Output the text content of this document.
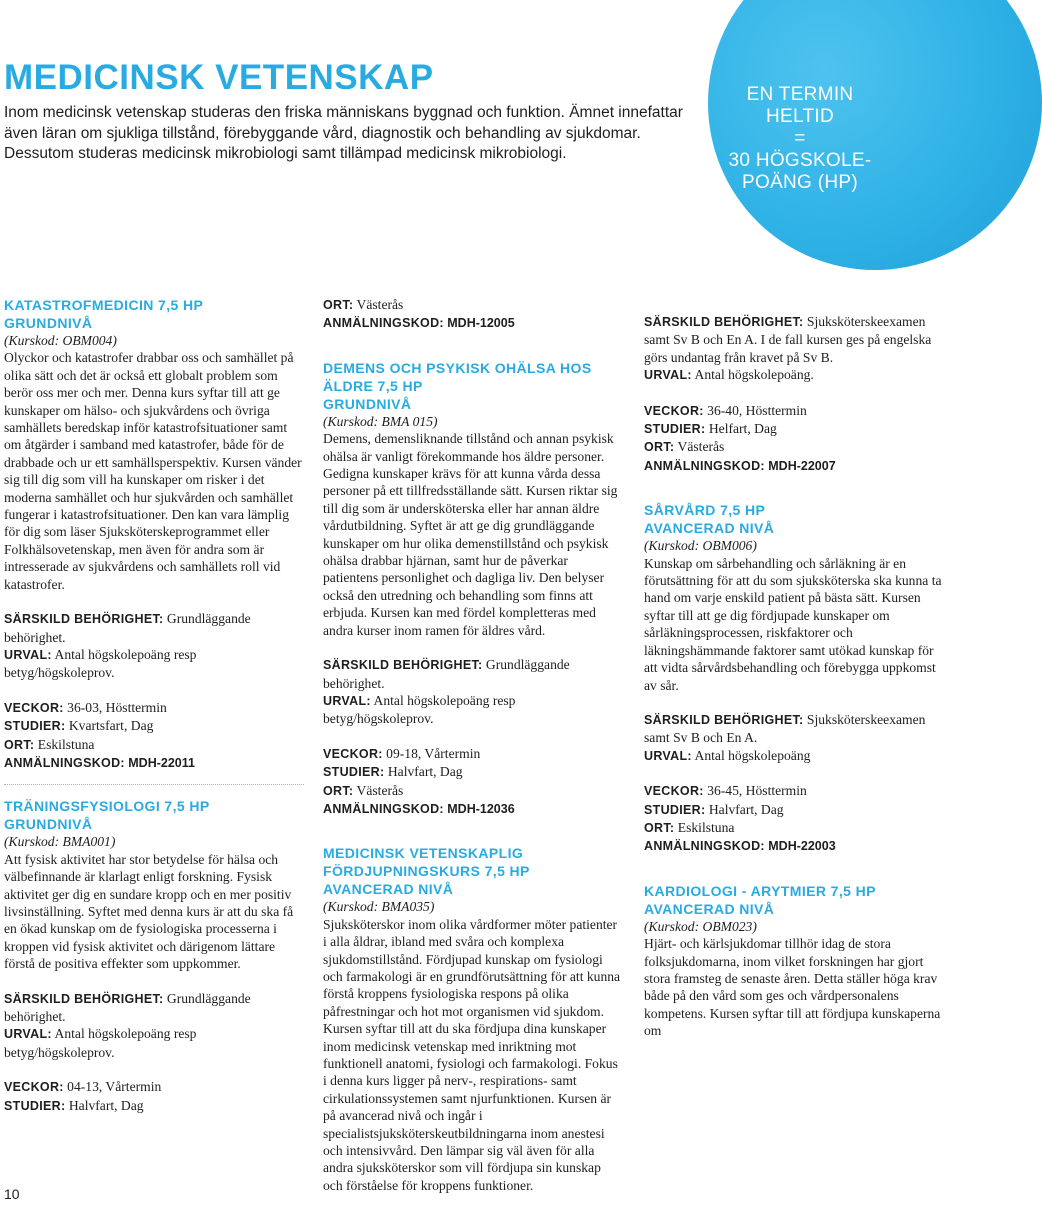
MEDICINSK VETENSKAP

Inom medicinsk vetenskap studeras den friska människans byggnad och funktion. Ämnet innefattar även läran om sjukliga tillstånd, förebyggande vård, diagnostik och behandling av sjukdomar. Dessutom studeras medicinsk mikrobiologi samt tillämpad medicinsk mikrobiologi.

EN TERMIN
HELTID
=
30 HÖGSKOLE-
POÄNG (HP)
KATASTROFMEDICIN 7,5 HP
GRUNDNIVÅ
(Kurskod: OBM004)

Olyckor och katastrofer drabbar oss och samhället på olika sätt och det är också ett globalt problem som berör oss mer och mer. Denna kurs syftar till att ge kunskaper om hälso- och sjukvårdens och övriga samhällets beredskap inför katastrofsituationer samt om åtgärder i samband med katastrofer, både för de drabbade och ur ett samhällsperspektiv. Kursen vänder sig till dig som vill ha kunskaper om risker i det moderna samhället och hur sjukvården och samhället fungerar i katastrofsituationer. Den kan vara lämplig för dig som läser Sjuksköterskeprogrammet eller Folkhälsovetenskap, men även för andra som är intresserade av sjukvårdens och samhällets roll vid katastrofer.

SÄRSKILD BEHÖRIGHET: Grundläggande behörighet.
URVAL: Antal högskolepoäng resp betyg/högskoleprov.
VECKOR: 36-03, Hösttermin
STUDIER: Kvartsfart, Dag
ORT: Eskilstuna
ANMÄLNINGSKOD: MDH-22011
TRÄNINGSFYSIOLOGI 7,5 HP
GRUNDNIVÅ
(Kurskod: BMA001)

Att fysisk aktivitet har stor betydelse för hälsa och välbefinnande är klarlagt enligt forskning. Fysisk aktivitet ger dig en sundare kropp och en mer positiv livsinställning. Syftet med denna kurs är att du ska få en ökad kunskap om de fysiologiska processerna i kroppen vid fysisk aktivitet och därigenom lättare förstå de positiva effekter som uppkommer.

SÄRSKILD BEHÖRIGHET: Grundläggande behörighet.
URVAL: Antal högskolepoäng resp betyg/högskoleprov.
VECKOR: 04-13, Vårtermin
STUDIER: Halvfart, Dag
ORT: Västerås
ANMÄLNINGSKOD: MDH-12005
DEMENS OCH PSYKISK OHÄLSA HOS
ÄLDRE 7,5 HP
GRUNDNIVÅ
(Kurskod: BMA 015)

Demens, demensliknande tillstånd och annan psykisk ohälsa är vanligt förekommande hos äldre personer. Gedigna kunskaper krävs för att kunna vårda dessa personer på ett tillfredsställande sätt. Kursen riktar sig till dig som är undersköterska eller har annan äldre vårdutbildning. Syftet är att ge dig grundläggande kunskaper om hur olika demenstillstånd och psykisk ohälsa drabbar hjärnan, samt hur de påverkar patientens personlighet och dagliga liv. Den belyser också den utredning och behandling som finns att erbjuda. Kursen kan med fördel kompletteras med andra kurser inom ramen för äldres vård.

SÄRSKILD BEHÖRIGHET: Grundläggande behörighet.
URVAL: Antal högskolepoäng resp betyg/högskoleprov.
VECKOR: 09-18, Vårtermin
STUDIER: Halvfart, Dag
ORT: Västerås
ANMÄLNINGSKOD: MDH-12036
MEDICINSK VETENSKAPLIG
FÖRDJUPNINGSKURS 7,5 HP
AVANCERAD NIVÅ
(Kurskod: BMA035)

Sjuksköterskor inom olika vårdformer möter patienter i alla åldrar, ibland med svåra och komplexa sjukdomstillstånd. Fördjupad kunskap om fysiologi och farmakologi är en grundförutsättning för att kunna förstå kroppens fysiologiska respons på olika påfrestningar och hot mot organismen vid sjukdom. Kursen syftar till att du ska fördjupa dina kunskaper inom medicinsk vetenskap med inriktning mot funktionell anatomi, fysiologi och farmakologi. Fokus i denna kurs ligger på nerv-, respirations- samt cirkulationssystemen samt njurfunktionen. Kursen är på avancerad nivå och ingår i specialistsjuksköterskeutbildningarna inom anestesi och intensivvård. Den lämpar sig väl även för alla andra sjuksköterskor som vill fördjupa sin kunskap och förståelse för kroppens funktioner.

SÄRSKILD BEHÖRIGHET: Sjuksköterskeexamen samt Sv B och En A. I de fall kursen ges på engelska görs undantag från kravet på Sv B.
URVAL: Antal högskolepoäng.
VECKOR: 36-40, Hösttermin
STUDIER: Helfart, Dag
ORT: Västerås
ANMÄLNINGSKOD: MDH-22007
SÅRVÅRD 7,5 HP
AVANCERAD NIVÅ
(Kurskod: OBM006)

Kunskap om sårbehandling och sårläkning är en förutsättning för att du som sjuksköterska ska kunna ta hand om varje enskild patient på bästa sätt. Kursen syftar till att ge dig fördjupade kunskaper om sårläkningsprocessen, riskfaktorer och läkningshämmande faktorer samt utökad kunskap för att vidta sårvårdsbehandling och förebygga uppkomst av sår.

SÄRSKILD BEHÖRIGHET: Sjuksköterskeexamen samt Sv B och En A.
URVAL: Antal högskolepoäng
VECKOR: 36-45, Hösttermin
STUDIER: Halvfart, Dag
ORT: Eskilstuna
ANMÄLNINGSKOD: MDH-22003
KARDIOLOGI - ARYTMIER 7,5 HP
AVANCERAD NIVÅ
(Kurskod: OBM023)

Hjärt- och kärlsjukdomar tillhör idag de stora folksjukdomarna, inom vilket forskningen har gjort stora framsteg de senaste åren. Detta ställer höga krav både på den vård som ges och vårdpersonalens kompetens. Kursen syftar till att fördjupa kunskaperna om

10
